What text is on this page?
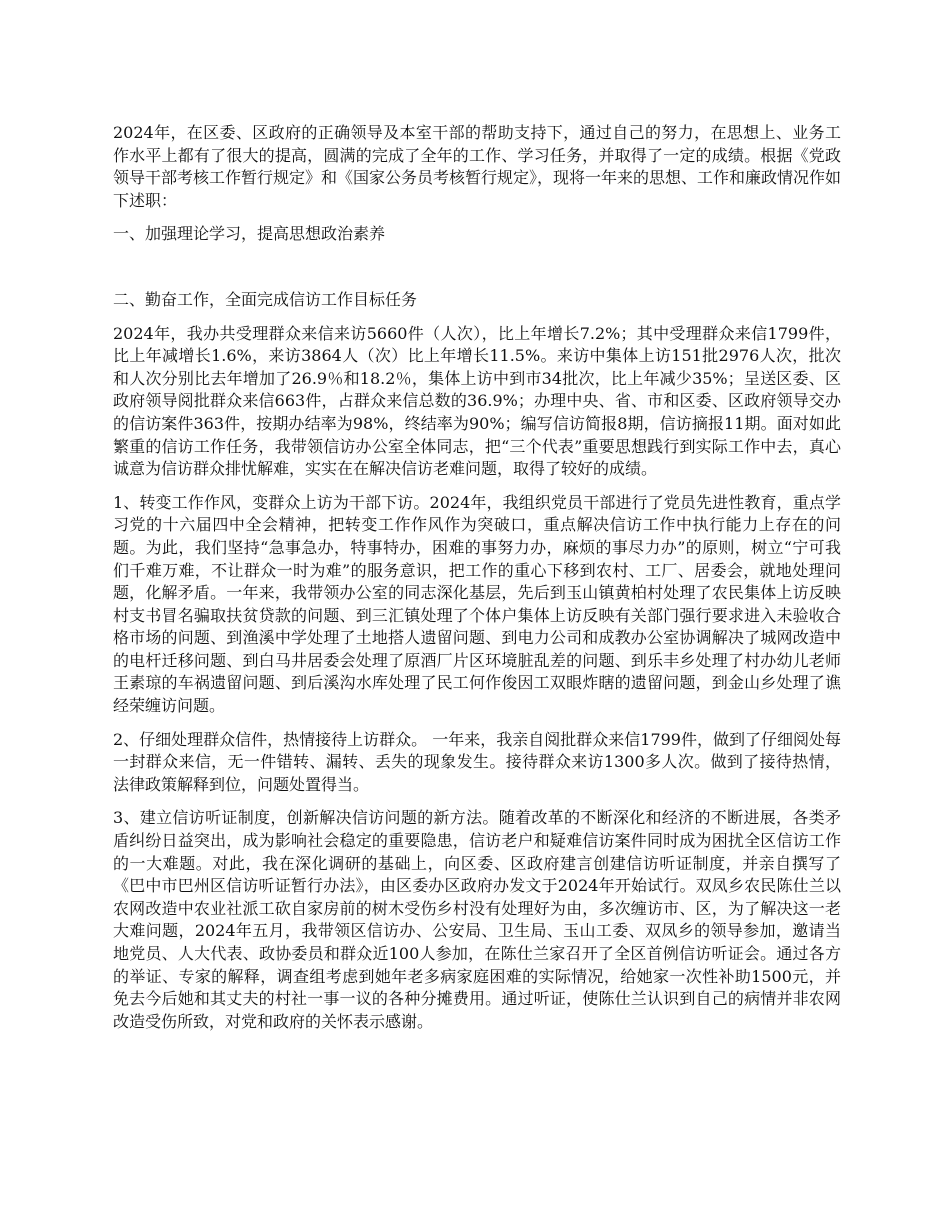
2024年，在区委、区政府的正确领导及本室干部的帮助支持下，通过自己的努力，在思想上、业务工作水平上都有了很大的提高，圆满的完成了全年的工作、学习任务，并取得了一定的成绩。根据《党政领导干部考核工作暂行规定》和《国家公务员考核暂行规定》，现将一年来的思想、工作和廉政情况作如下述职：

一、加强理论学习，提高思想政治素养

二、勤奋工作，全面完成信访工作目标任务

2024年，我办共受理群众来信来访5660件（人次），比上年增长7.2%；其中受理群众来信1799件，比上年减增长1.6%，来访3864人（次）比上年增长11.5%。来访中集体上访151批2976人次，批次和人次分别比去年增加了26.9％和18.2％，集体上访中到市34批次，比上年减少35%；呈送区委、区政府领导阅批群众来信663件，占群众来信总数的36.9%；办理中央、省、市和区委、区政府领导交办的信访案件363件，按期办结率为98%，终结率为90%；编写信访简报8期，信访摘报11期。面对如此繁重的信访工作任务，我带领信访办公室全体同志，把“三个代表”重要思想践行到实际工作中去，真心诚意为信访群众排忧解难，实实在在解决信访老难问题，取得了较好的成绩。

1、转变工作作风，变群众上访为干部下访。2024年，我组织党员干部进行了党员先进性教育，重点学习党的十六届四中全会精神，把转变工作作风作为突破口，重点解决信访工作中执行能力上存在的问题。为此，我们坚持“急事急办，特事特办，困难的事努力办，麻烦的事尽力办”的原则，树立“宁可我们千难万难，不让群众一时为难”的服务意识，把工作的重心下移到农村、工厂、居委会，就地处理问题，化解矛盾。一年来，我带领办公室的同志深化基层，先后到玉山镇黄柏村处理了农民集体上访反映村支书冒名骗取扶贫贷款的问题、到三汇镇处理了个体户集体上访反映有关部门强行要求进入未验收合格市场的问题、到渔溪中学处理了土地搭人遗留问题、到电力公司和成教办公室协调解决了城网改造中的电杆迁移问题、到白马井居委会处理了原酒厂片区环境脏乱差的问题、到乐丰乡处理了村办幼儿老师王素琼的车祸遗留问题、到后溪沟水库处理了民工何作俊因工双眼炸瞎的遗留问题，到金山乡处理了谯经荣缠访问题。

2、仔细处理群众信件，热情接待上访群众。 一年来，我亲自阅批群众来信1799件，做到了仔细阅处每一封群众来信，无一件错转、漏转、丢失的现象发生。接待群众来访1300多人次。做到了接待热情，法律政策解释到位，问题处置得当。

3、建立信访听证制度，创新解决信访问题的新方法。随着改革的不断深化和经济的不断进展，各类矛盾纠纷日益突出，成为影响社会稳定的重要隐患，信访老户和疑难信访案件同时成为困扰全区信访工作的一大难题。对此，我在深化调研的基础上，向区委、区政府建言创建信访听证制度，并亲自撰写了《巴中市巴州区信访听证暂行办法》，由区委办区政府办发文于2024年开始试行。双凤乡农民陈仕兰以农网改造中农业社派工砍自家房前的树木受伤乡村没有处理好为由，多次缠访市、区，为了解决这一老大难问题，2024年五月，我带领区信访办、公安局、卫生局、玉山工委、双凤乡的领导参加，邀请当地党员、人大代表、政协委员和群众近100人参加，在陈仕兰家召开了全区首例信访听证会。通过各方的举证、专家的解释，调查组考虑到她年老多病家庭困难的实际情况，给她家一次性补助1500元，并免去今后她和其丈夫的村社一事一议的各种分摊费用。通过听证，使陈仕兰认识到自己的病情并非农网改造受伤所致，对党和政府的关怀表示感谢。
